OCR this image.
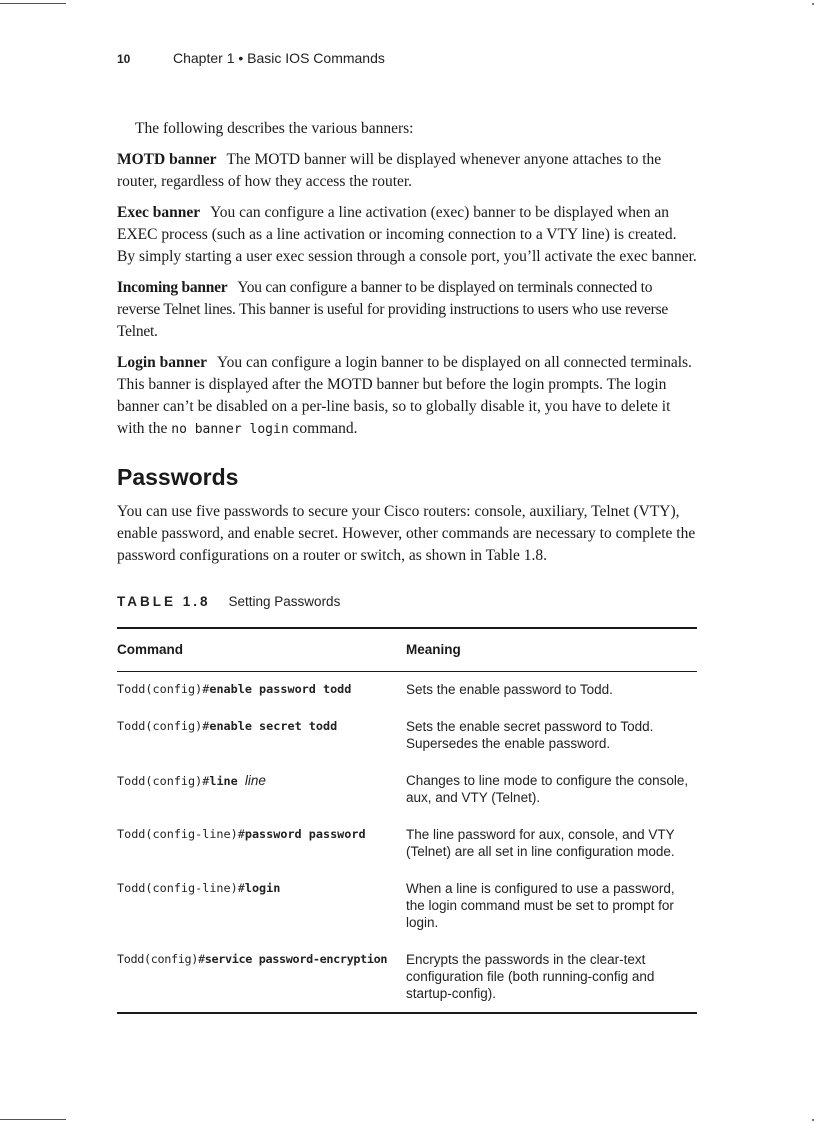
10	Chapter 1 • Basic IOS Commands

The following describes the various banners:

MOTD banner The MOTD banner will be displayed whenever anyone attaches to the router, regardless of how they access the router.

Exec banner You can configure a line activation (exec) banner to be displayed when an EXEC process (such as a line activation or incoming connection to a VTY line) is created. By simply starting a user exec session through a console port, you’ll activate the exec banner.

Incoming banner You can configure a banner to be displayed on terminals connected to reverse Telnet lines. This banner is useful for providing instructions to users who use reverse Telnet.

Login banner You can configure a login banner to be displayed on all connected terminals. This banner is displayed after the MOTD banner but before the login prompts. The login banner can’t be disabled on a per-line basis, so to globally disable it, you have to delete it with the no banner login command.

Passwords

You can use five passwords to secure your Cisco routers: console, auxiliary, Telnet (VTY), enable password, and enable secret. However, other commands are necessary to complete the password configurations on a router or switch, as shown in Table 1.8.

TABLE 1.8 Setting Passwords
Command	Meaning
Todd(config)#enable password todd	Sets the enable password to Todd.
Todd(config)#enable secret todd	Sets the enable secret password to Todd. Supersedes the enable password.
Todd(config)#line line	Changes to line mode to configure the console, aux, and VTY (Telnet).
Todd(config-line)#password password	The line password for aux, console, and VTY (Telnet) are all set in line configuration mode.
Todd(config-line)#login	When a line is configured to use a password, the login command must be set to prompt for login.
Todd(config)#service password-encryption	Encrypts the passwords in the clear-text configuration file (both running-config and startup-config).
